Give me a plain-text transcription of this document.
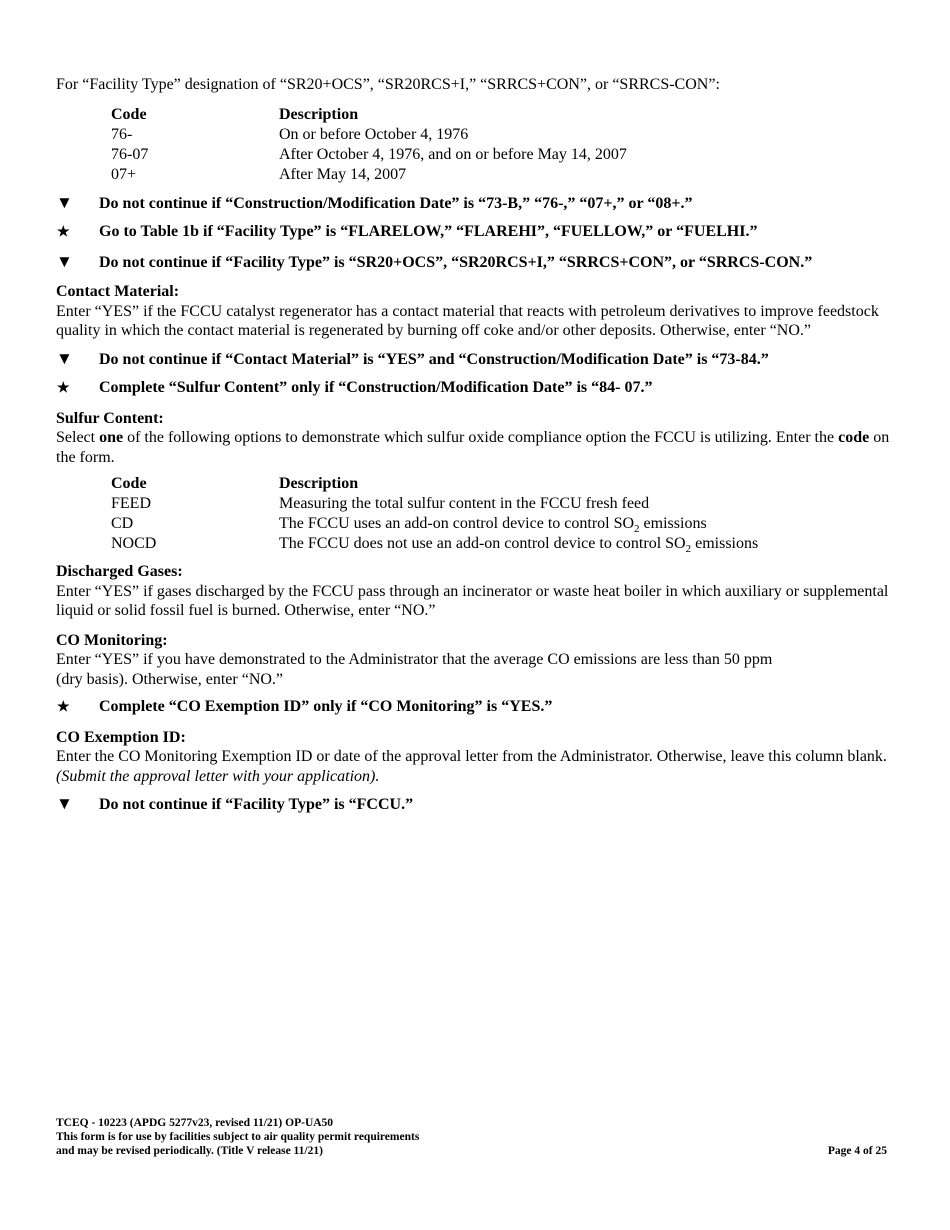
For “Facility Type” designation of “SR20+OCS”, “SR20RCS+I,” “SRRCS+CON”, or “SRRCS-CON”:

Code	Description
76-	On or before October 4, 1976
76-07	After October 4, 1976, and on or before May 14, 2007
07+	After May 14, 2007
▼	Do not continue if “Construction/Modification Date” is “73-B,” “76-,” “07+,” or “08+.”
★	Go to Table 1b if “Facility Type” is “FLARELOW,” “FLAREHI”, “FUELLOW,” or “FUELHI.”
▼	Do not continue if “Facility Type” is “SR20+OCS”, “SR20RCS+I,” “SRRCS+CON”, or “SRRCS-CON.”
Contact Material:

Enter “YES” if the FCCU catalyst regenerator has a contact material that reacts with petroleum derivatives to improve feedstock quality in which the contact material is regenerated by burning off coke and/or other deposits. Otherwise, enter “NO.”

▼	Do not continue if “Contact Material” is “YES” and “Construction/Modification Date” is “73-84.”
★	Complete “Sulfur Content” only if “Construction/Modification Date” is “84- 07.”
Sulfur Content:

Select one of the following options to demonstrate which sulfur oxide compliance option the FCCU is utilizing. Enter the code on the form.

Code	Description
FEED	Measuring the total sulfur content in the FCCU fresh feed
CD	The FCCU uses an add-on control device to control $SO_2$ emissions
NOCD	The FCCU does not use an add-on control device to control $SO_2$ emissions
Discharged Gases:

Enter “YES” if gases discharged by the FCCU pass through an incinerator or waste heat boiler in which auxiliary or supplemental liquid or solid fossil fuel is burned. Otherwise, enter “NO.”

CO Monitoring:

Enter “YES” if you have demonstrated to the Administrator that the average CO emissions are less than 50 ppm
(dry basis). Otherwise, enter “NO.”

★	Complete “CO Exemption ID” only if “CO Monitoring” is “YES.”
CO Exemption ID:

Enter the CO Monitoring Exemption ID or date of the approval letter from the Administrator. Otherwise, leave this column blank. (Submit the approval letter with your application).

▼	Do not continue if “Facility Type” is “FCCU.”
TCEQ - 10223 (APDG 5277v23, revised 11/21) OP-UA50
This form is for use by facilities subject to air quality permit requirements
and may be revised periodically. (Title V release 11/21)	Page 4 of 25
